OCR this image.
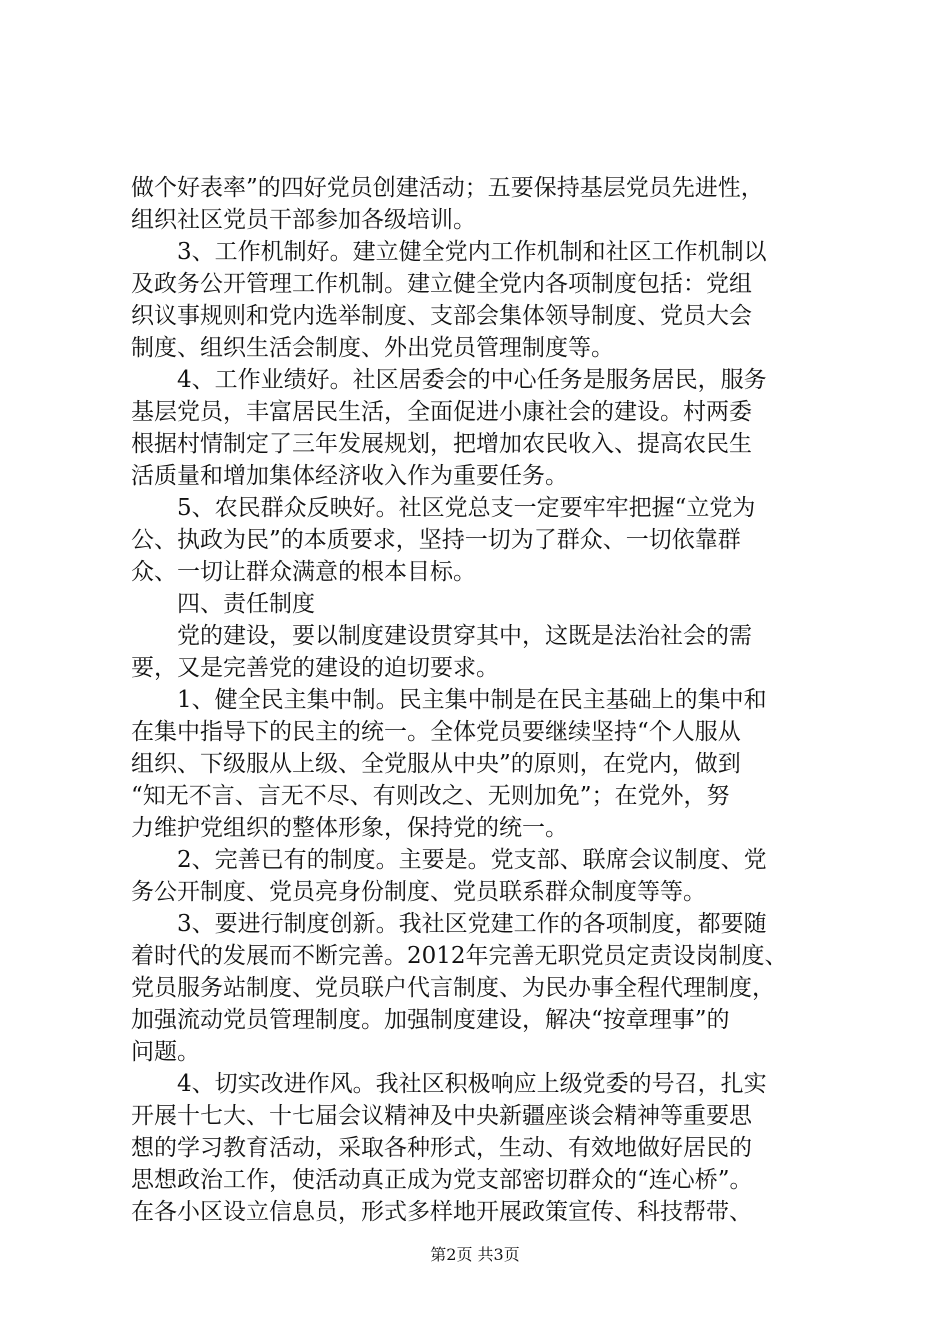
做个好表率”的四好党员创建活动；五要保持基层党员先进性，
组织社区党员干部参加各级培训。
　　3、工作机制好。建立健全党内工作机制和社区工作机制以
及政务公开管理工作机制。建立健全党内各项制度包括：党组
织议事规则和党内选举制度、支部会集体领导制度、党员大会
制度、组织生活会制度、外出党员管理制度等。
　　4、工作业绩好。社区居委会的中心任务是服务居民，服务
基层党员，丰富居民生活，全面促进小康社会的建设。村两委
根据村情制定了三年发展规划，把增加农民收入、提高农民生
活质量和增加集体经济收入作为重要任务。
　　5、农民群众反映好。社区党总支一定要牢牢把握“立党为
公、执政为民”的本质要求，坚持一切为了群众、一切依靠群
众、一切让群众满意的根本目标。
　　四、责任制度
　　党的建设，要以制度建设贯穿其中，这既是法治社会的需
要，又是完善党的建设的迫切要求。
　　1、健全民主集中制。民主集中制是在民主基础上的集中和
在集中指导下的民主的统一。全体党员要继续坚持“个人服从
组织、下级服从上级、全党服从中央”的原则，在党内，做到
“知无不言、言无不尽、有则改之、无则加免”；在党外，努
力维护党组织的整体形象，保持党的统一。
　　2、完善已有的制度。主要是。党支部、联席会议制度、党
务公开制度、党员亮身份制度、党员联系群众制度等等。
　　3、要进行制度创新。我社区党建工作的各项制度，都要随
着时代的发展而不断完善。2012年完善无职党员定责设岗制度、
党员服务站制度、党员联户代言制度、为民办事全程代理制度，
加强流动党员管理制度。加强制度建设，解决“按章理事”的
问题。
　　4、切实改进作风。我社区积极响应上级党委的号召，扎实
开展十七大、十七届会议精神及中央新疆座谈会精神等重要思
想的学习教育活动，采取各种形式，生动、有效地做好居民的
思想政治工作，使活动真正成为党支部密切群众的“连心桥”。
在各小区设立信息员，形式多样地开展政策宣传、科技帮带、
第2页 共3页
